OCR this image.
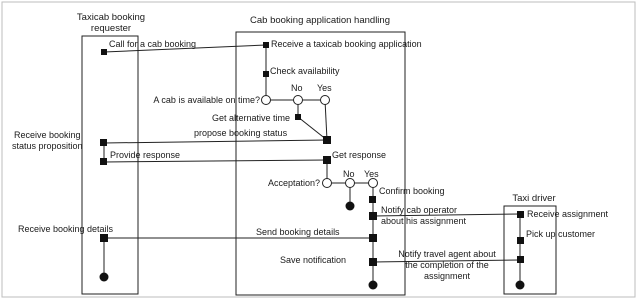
Taxicab booking
requester
Cab booking application handling
Taxi driver
Call for a cab booking	Receive a taxicab booking application
Check availability
A cab is available on time?
No Yes
Get alternative time
propose booking status
Receive booking
status proposition
Provide response	Get response
Acceptation?
No Yes
Confirm booking
Notify cab operator
about his assignment
Receive assignment
Receive booking details	Send booking details	Pick up customer
Save notification
Notify travel agent about
the completion of the
assignment
